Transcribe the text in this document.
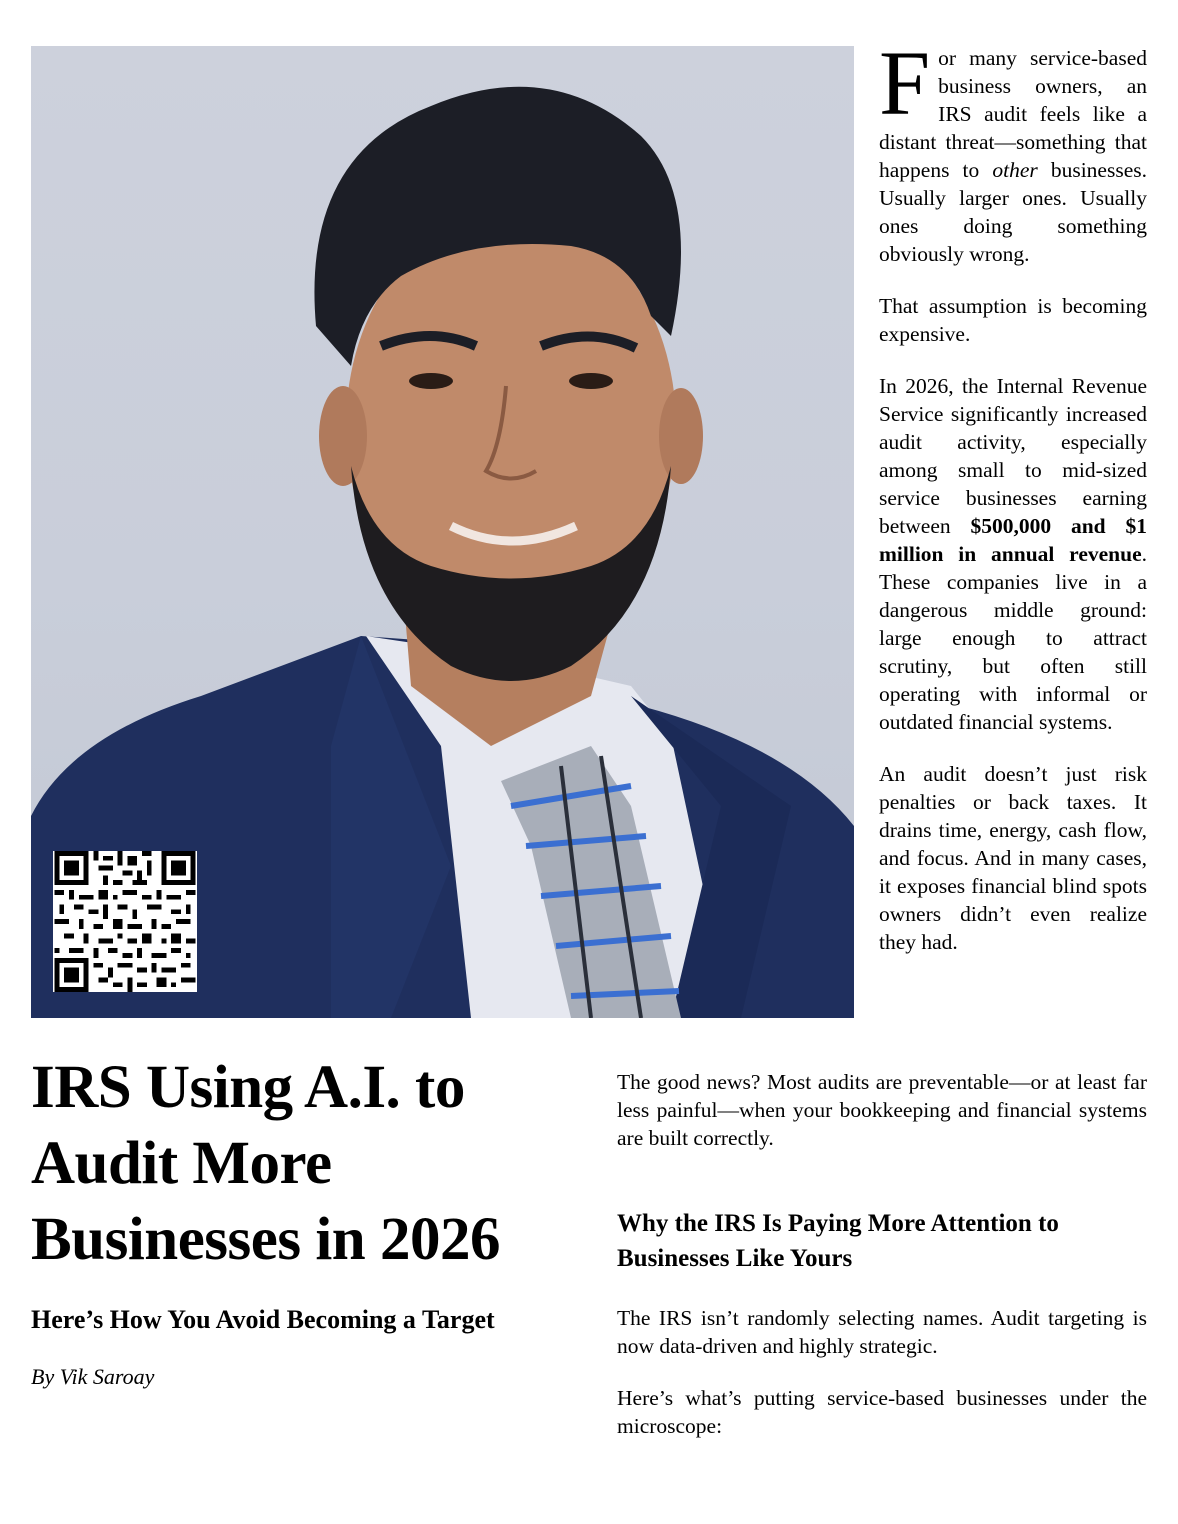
For many service-based business owners, an IRS audit feels like a distant threat—something that happens to other businesses. Usually larger ones. Usually ones doing something obviously wrong.

That assumption is becoming expensive.

In 2026, the Internal Revenue Service significantly increased audit activity, especially among small to mid-sized service businesses earning between $500,000 and $1 million in annual revenue. These companies live in a dangerous middle ground: large enough to attract scrutiny, but often still operating with informal or outdated financial systems.

An audit doesn’t just risk penalties or back taxes. It drains time, energy, cash flow, and focus. And in many cases, it exposes financial blind spots owners didn’t even realize they had.

IRS Using A.I. to Audit More Businesses in 2026
Here’s How You Avoid Becoming a Target

By Vik Saroay

The good news? Most audits are preventable—or at least far less painful—when your bookkeeping and financial systems are built correctly.

Why the IRS Is Paying More Attention to Businesses Like Yours

The IRS isn’t randomly selecting names. Audit targeting is now data-driven and highly strategic.

Here’s what’s putting service-based businesses under the microscope:
